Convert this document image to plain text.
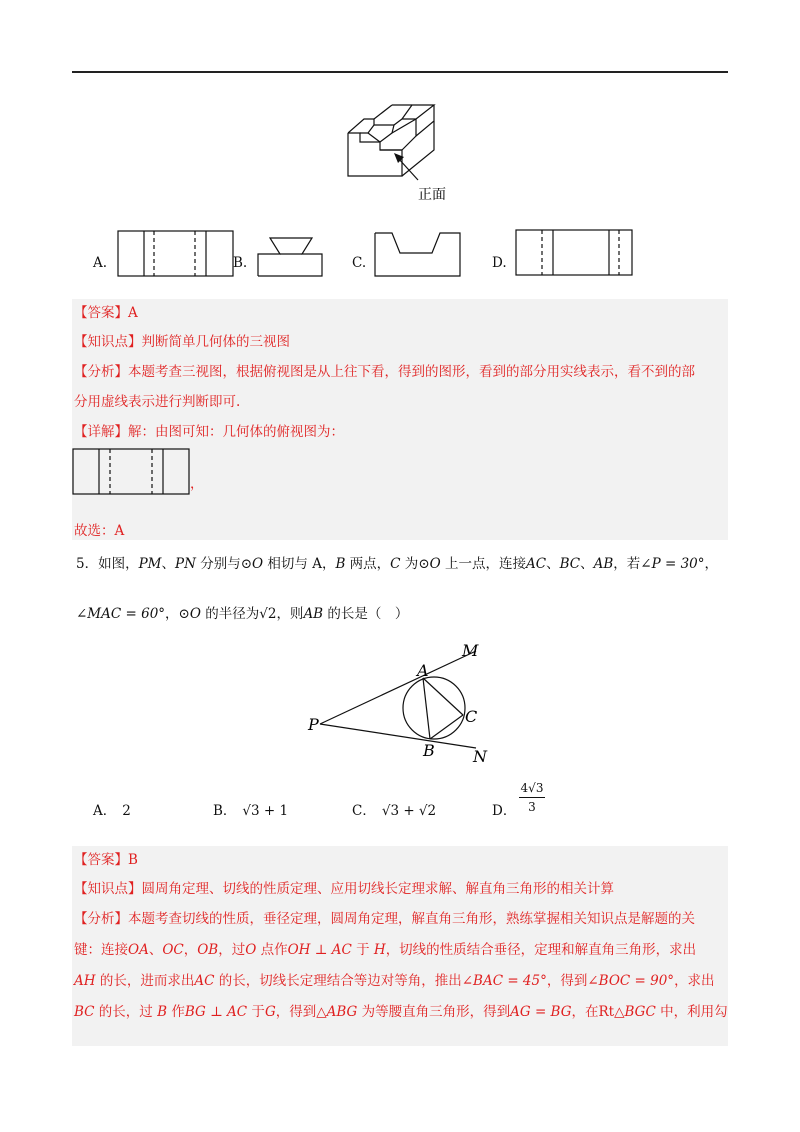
正面
A.	B.	C.	D.
【答案】A
【知识点】判断简单几何体的三视图
【分析】本题考查三视图，根据俯视图是从上往下看，得到的图形，看到的部分用实线表示，看不到的部
分用虚线表示进行判断即可.
【详解】解：由图可知：几何体的俯视图为：
，
故选：A
5．如图，PM、PN 分别与⊙O 相切与 A，B 两点，C 为⊙O 上一点，连接AC、BC、AB，若∠P = 30°，
∠MAC = 60°，⊙O 的半径为√2，则AB 的长是（　）
M
A
C
P
B N
A． 2	B． √3 + 1	C． √3 + √2	D．
4√3
3
【答案】B
【知识点】圆周角定理、切线的性质定理、应用切线长定理求解、解直角三角形的相关计算
【分析】本题考查切线的性质，垂径定理，圆周角定理，解直角三角形，熟练掌握相关知识点是解题的关
键：连接OA、OC，OB，过O 点作OH ⊥ AC 于 H，切线的性质结合垂径，定理和解直角三角形，求出
AH 的长，进而求出AC 的长，切线长定理结合等边对等角，推出∠BAC = 45°，得到∠BOC = 90°，求出
BC 的长，过 B 作BG ⊥ AC 于G，得到△ABG 为等腰直角三角形，得到AG = BG，在Rt△BGC 中，利用勾
